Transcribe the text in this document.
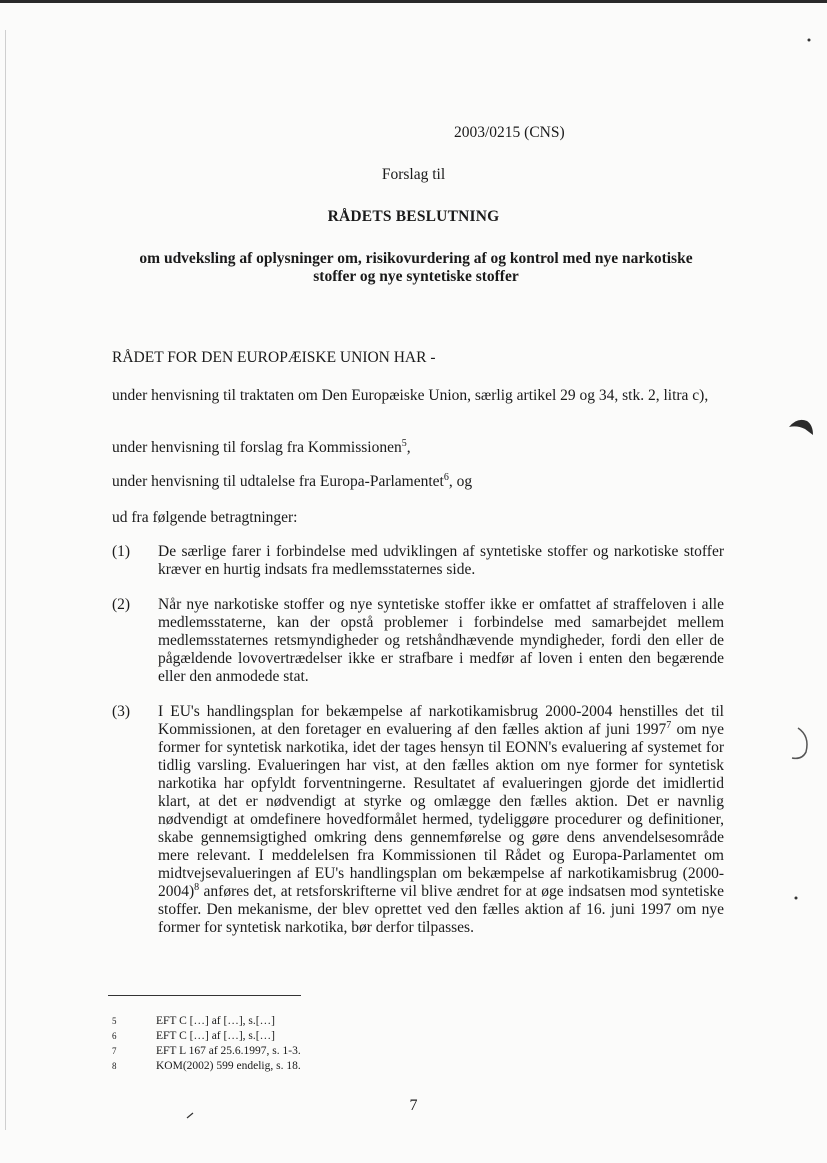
2003/0215 (CNS)

Forslag til

RÅDETS BESLUTNING

om udveksling af oplysninger om, risikovurdering af og kontrol med nye narkotiske stoffer og nye syntetiske stoffer

RÅDET FOR DEN EUROPÆISKE UNION HAR -

under henvisning til traktaten om Den Europæiske Union, særlig artikel 29 og 34, stk. 2, litra c),

under henvisning til forslag fra Kommissionen$^5$,

under henvisning til udtalelse fra Europa-Parlamentet$^6$, og

ud fra følgende betragtninger:

(1)	De særlige farer i forbindelse med udviklingen af syntetiske stoffer og narkotiske stoffer kræver en hurtig indsats fra medlemsstaternes side.
(2)	Når nye narkotiske stoffer og nye syntetiske stoffer ikke er omfattet af straffeloven i alle medlemsstaterne, kan der opstå problemer i forbindelse med samarbejdet mellem medlemsstaternes retsmyndigheder og retshåndhævende myndigheder, fordi den eller de pågældende lovovertrædelser ikke er strafbare i medfør af loven i enten den begærende eller den anmodede stat.
(3)	I EU's handlingsplan for bekæmpelse af narkotikamisbrug 2000-2004 henstilles det til Kommissionen, at den foretager en evaluering af den fælles aktion af juni 1997$^7$ om nye former for syntetisk narkotika, idet der tages hensyn til EONN's evaluering af systemet for tidlig varsling. Evalueringen har vist, at den fælles aktion om nye former for syntetisk narkotika har opfyldt forventningerne. Resultatet af evalueringen gjorde det imidlertid klart, at det er nødvendigt at styrke og omlægge den fælles aktion. Det er navnlig nødvendigt at omdefinere hovedformålet hermed, tydeliggøre procedurer og definitioner, skabe gennemsigtighed omkring dens gennemførelse og gøre dens anvendelsesområde mere relevant. I meddelelsen fra Kommissionen til Rådet og Europa-Parlamentet om midtvejsevalueringen af EU's handlingsplan om bekæmpelse af narkotikamisbrug (2000-2004)$^8$ anføres det, at retsforskrifterne vil blive ændret for at øge indsatsen mod syntetiske stoffer. Den mekanisme, der blev oprettet ved den fælles aktion af 16. juni 1997 om nye former for syntetisk narkotika, bør derfor tilpasses.
5	EFT C […] af […], s.[…]
6	EFT C […] af […], s.[…]
7	EFT L 167 af 25.6.1997, s. 1-3.
8	KOM(2002) 599 endelig, s. 18.

7
